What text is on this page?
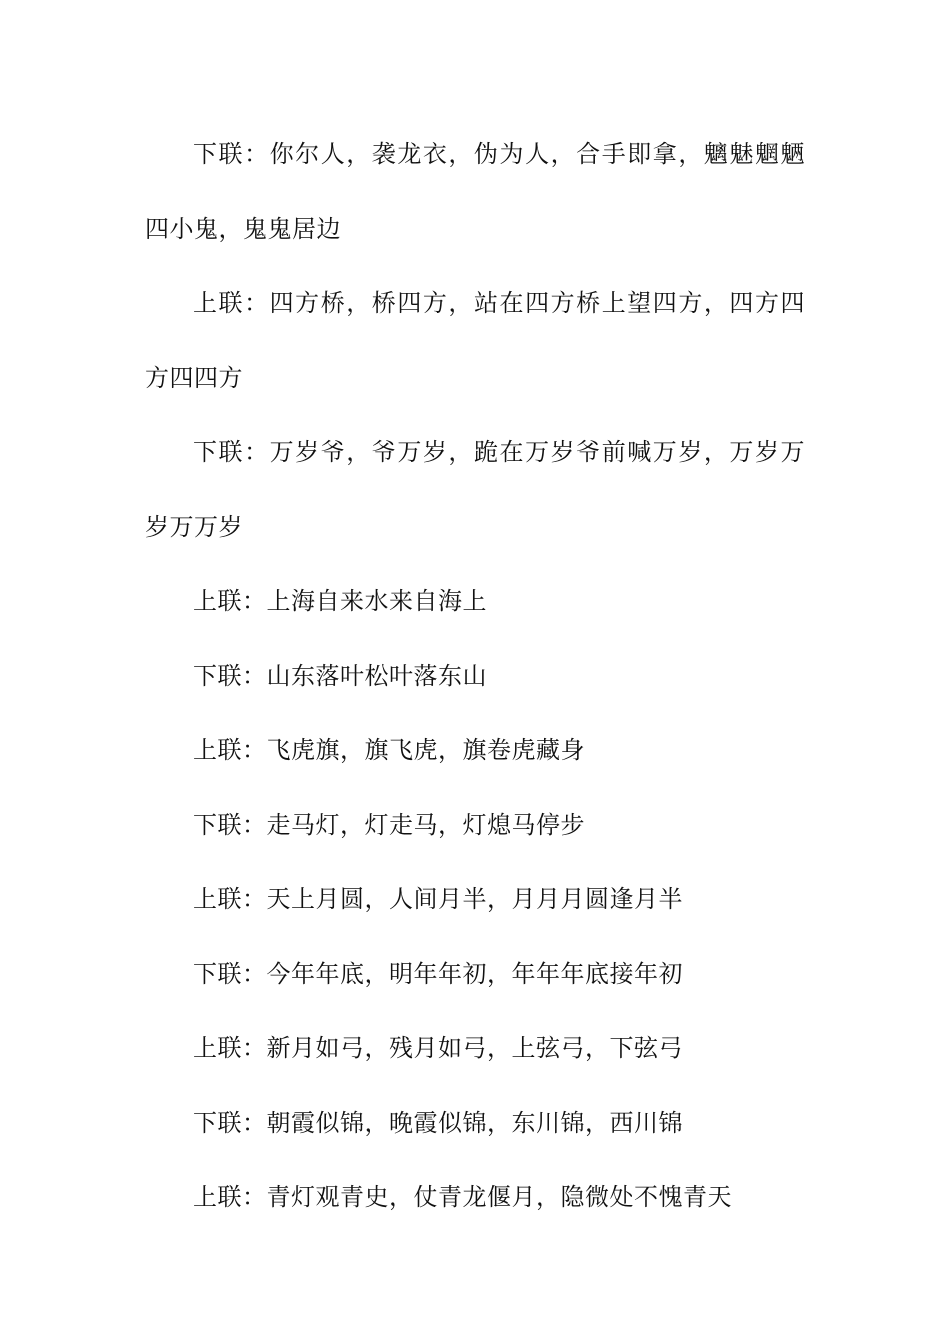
下联：你尔人，袭龙衣，伪为人，合手即拿，魑魅魍魉四小鬼，鬼鬼居边

上联：四方桥，桥四方，站在四方桥上望四方，四方四方四四方

下联：万岁爷，爷万岁，跪在万岁爷前喊万岁，万岁万岁万万岁

上联：上海自来水来自海上

下联：山东落叶松叶落东山

上联：飞虎旗，旗飞虎，旗卷虎藏身

下联：走马灯，灯走马，灯熄马停步

上联：天上月圆，人间月半，月月月圆逢月半

下联：今年年底，明年年初，年年年底接年初

上联：新月如弓，残月如弓，上弦弓，下弦弓

下联：朝霞似锦，晚霞似锦，东川锦，西川锦

上联：青灯观青史，仗青龙偃月，隐微处不愧青天
